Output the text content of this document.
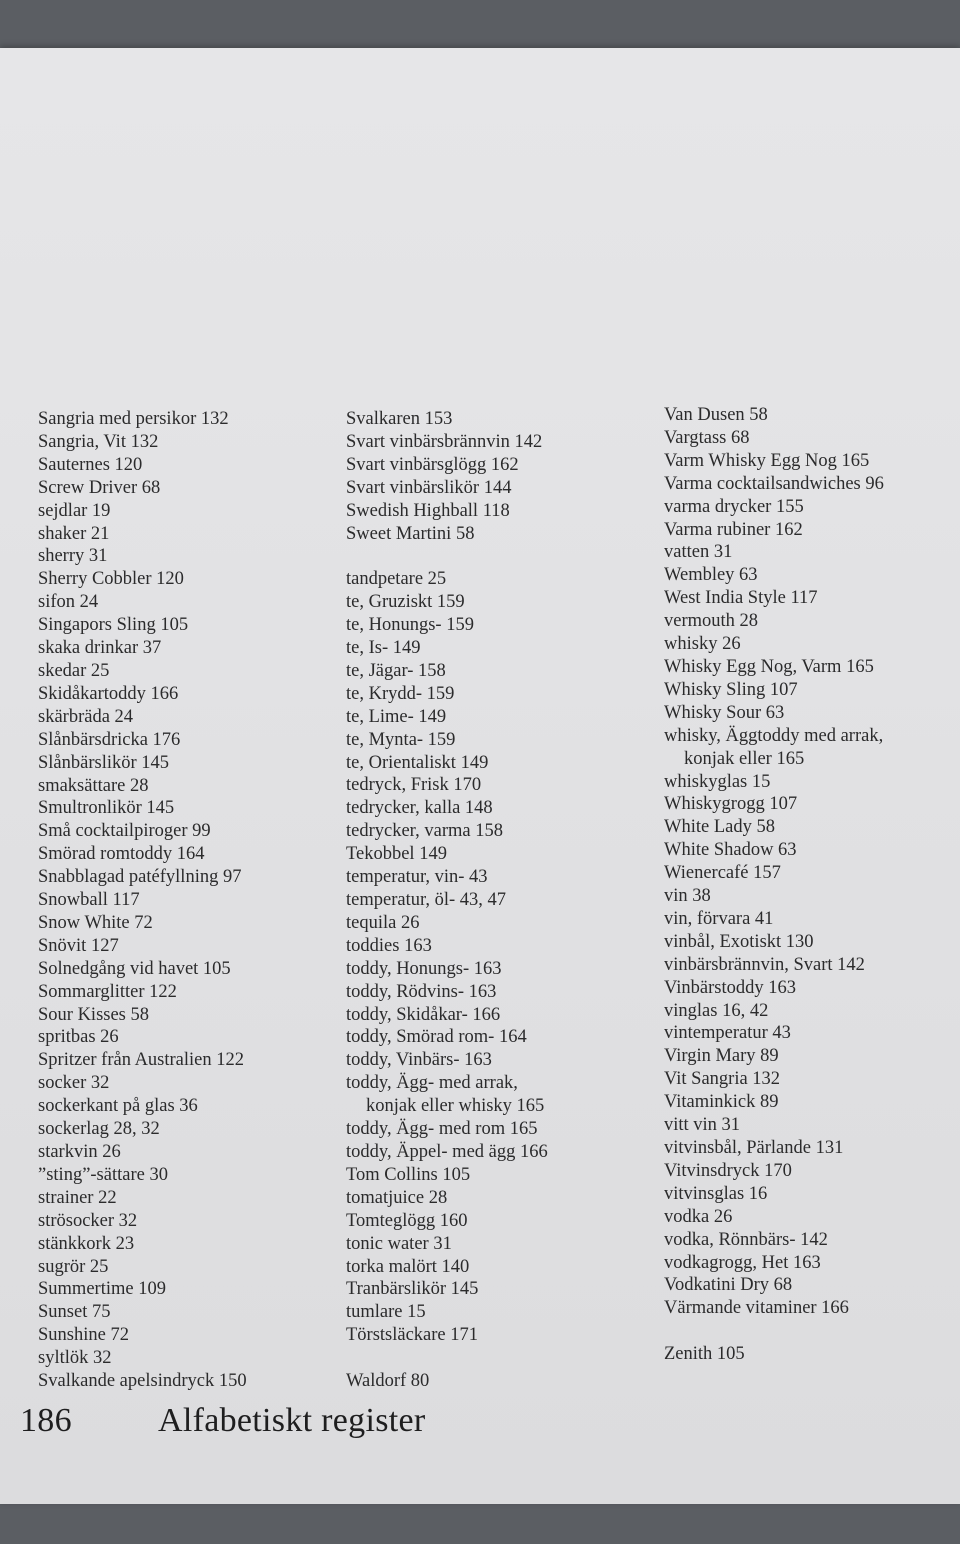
Sangria med persikor 132
Sangria, Vit 132
Sauternes 120
Screw Driver 68
sejdlar 19
shaker 21
sherry 31
Sherry Cobbler 120
sifon 24
Singapors Sling 105
skaka drinkar 37
skedar 25
Skidåkartoddy 166
skärbräda 24
Slånbärsdricka 176
Slånbärslikör 145
smaksättare 28
Smultronlikör 145
Små cocktailpiroger 99
Smörad romtoddy 164
Snabblagad patéfyllning 97
Snowball 117
Snow White 72
Snövit 127
Solnedgång vid havet 105
Sommarglitter 122
Sour Kisses 58
spritbas 26
Spritzer från Australien 122
socker 32
sockerkant på glas 36
sockerlag 28, 32
starkvin 26
”sting”-sättare 30
strainer 22
strösocker 32
stänkkork 23
sugrör 25
Summertime 109
Sunset 75
Sunshine 72
syltlök 32
Svalkande apelsindryck 150
Svalkaren 153
Svart vinbärsbrännvin 142
Svart vinbärsglögg 162
Svart vinbärslikör 144
Swedish Highball 118
Sweet Martini 58
tandpetare 25
te, Gruziskt 159
te, Honungs- 159
te, Is- 149
te, Jägar- 158
te, Krydd- 159
te, Lime- 149
te, Mynta- 159
te, Orientaliskt 149
tedryck, Frisk 170
tedrycker, kalla 148
tedrycker, varma 158
Tekobbel 149
temperatur, vin- 43
temperatur, öl- 43, 47
tequila 26
toddies 163
toddy, Honungs- 163
toddy, Rödvins- 163
toddy, Skidåkar- 166
toddy, Smörad rom- 164
toddy, Vinbärs- 163
toddy, Ägg- med arrak,
konjak eller whisky 165
toddy, Ägg- med rom 165
toddy, Äppel- med ägg 166
Tom Collins 105
tomatjuice 28
Tomteglögg 160
tonic water 31
torka malört 140
Tranbärslikör 145
tumlare 15
Törstsläckare 171
Waldorf 80
Van Dusen 58
Vargtass 68
Varm Whisky Egg Nog 165
Varma cocktailsandwiches 96
varma drycker 155
Varma rubiner 162
vatten 31
Wembley 63
West India Style 117
vermouth 28
whisky 26
Whisky Egg Nog, Varm 165
Whisky Sling 107
Whisky Sour 63
whisky, Äggtoddy med arrak,
konjak eller 165
whiskyglas 15
Whiskygrogg 107
White Lady 58
White Shadow 63
Wienercafé 157
vin 38
vin, förvara 41
vinbål, Exotiskt 130
vinbärsbrännvin, Svart 142
Vinbärstoddy 163
vinglas 16, 42
vintemperatur 43
Virgin Mary 89
Vit Sangria 132
Vitaminkick 89
vitt vin 31
vitvinsbål, Pärlande 131
Vitvinsdryck 170
vitvinsglas 16
vodka 26
vodka, Rönnbärs- 142
vodkagrogg, Het 163
Vodkatini Dry 68
Värmande vitaminer 166
Zenith 105
186	Alfabetiskt register
